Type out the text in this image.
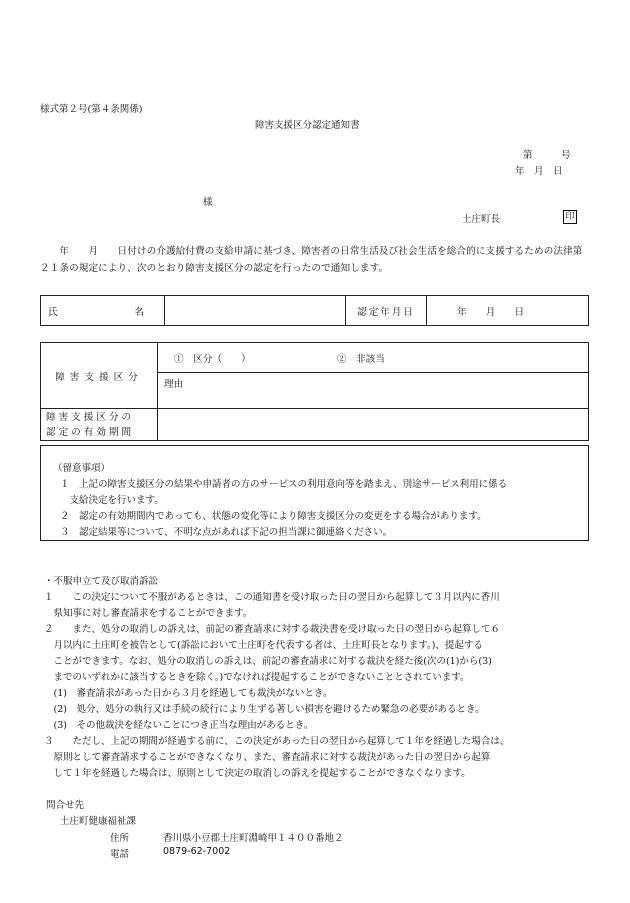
様式第２号(第４条関係)
障害支援区分認定通知書
第　　　号
年　月　日
様
土庄町長	印
　　年　　月　　日付けの介護給付費の支給申請に基づき、障害者の日常生活及び社会生活を総合的に支援するための法律第２１条の規定により、次のとおり障害支援区分の認定を行ったので通知します。
氏　　　　　　　　名		認定年月日	年　　月　　日
障害支援区分	①　区分（　　） ②　非該当
	理由

障害支援区分の
認定の有効期間	

（留意事項）
１　上記の障害支援区分の結果や申請者の方のサービスの利用意向等を踏まえ、別途サービス利用に係る
　支給決定を行います。
２　認定の有効期間内であっても、状態の変化等により障害支援区分の変更をする場合があります。
３　認定結果等について、不明な点があれば下記の担当課に御連絡ください。
・不服申立て及び取消訴訟
１　　この決定について不服があるときは、この通知書を受け取った日の翌日から起算して３月以内に香川
　県知事に対し審査請求をすることができます。
２　　また、処分の取消しの訴えは、前記の審査請求に対する裁決書を受け取った日の翌日から起算して６
　月以内に土庄町を被告として(訴訟において土庄町を代表する者は、土庄町長となります。)、提起する
　ことができます。なお、処分の取消しの訴えは、前記の審査請求に対する裁決を経た後(次の(1)から(3)
　までのいずれかに該当するときを除く。)でなければ提起することができないこととされています。
　(1)　審査請求があった日から３月を経過しても裁決がないとき。
　(2)　処分、処分の執行又は手続の続行により生ずる著しい損害を避けるため緊急の必要があるとき。
　(3)　その他裁決を経ないことにつき正当な理由があるとき。
３　　ただし、上記の期間が経過する前に、この決定があった日の翌日から起算して１年を経過した場合は、
　原則として審査請求することができなくなり、また、審査請求に対する裁決があった日の翌日から起算
　して１年を経過した場合は、原則として決定の取消しの訴えを提起することができなくなります。
問合せ先
土庄町健康福祉課
住所	香川県小豆郡土庄町淵崎甲１４００番地２
電話	0879-62-7002
